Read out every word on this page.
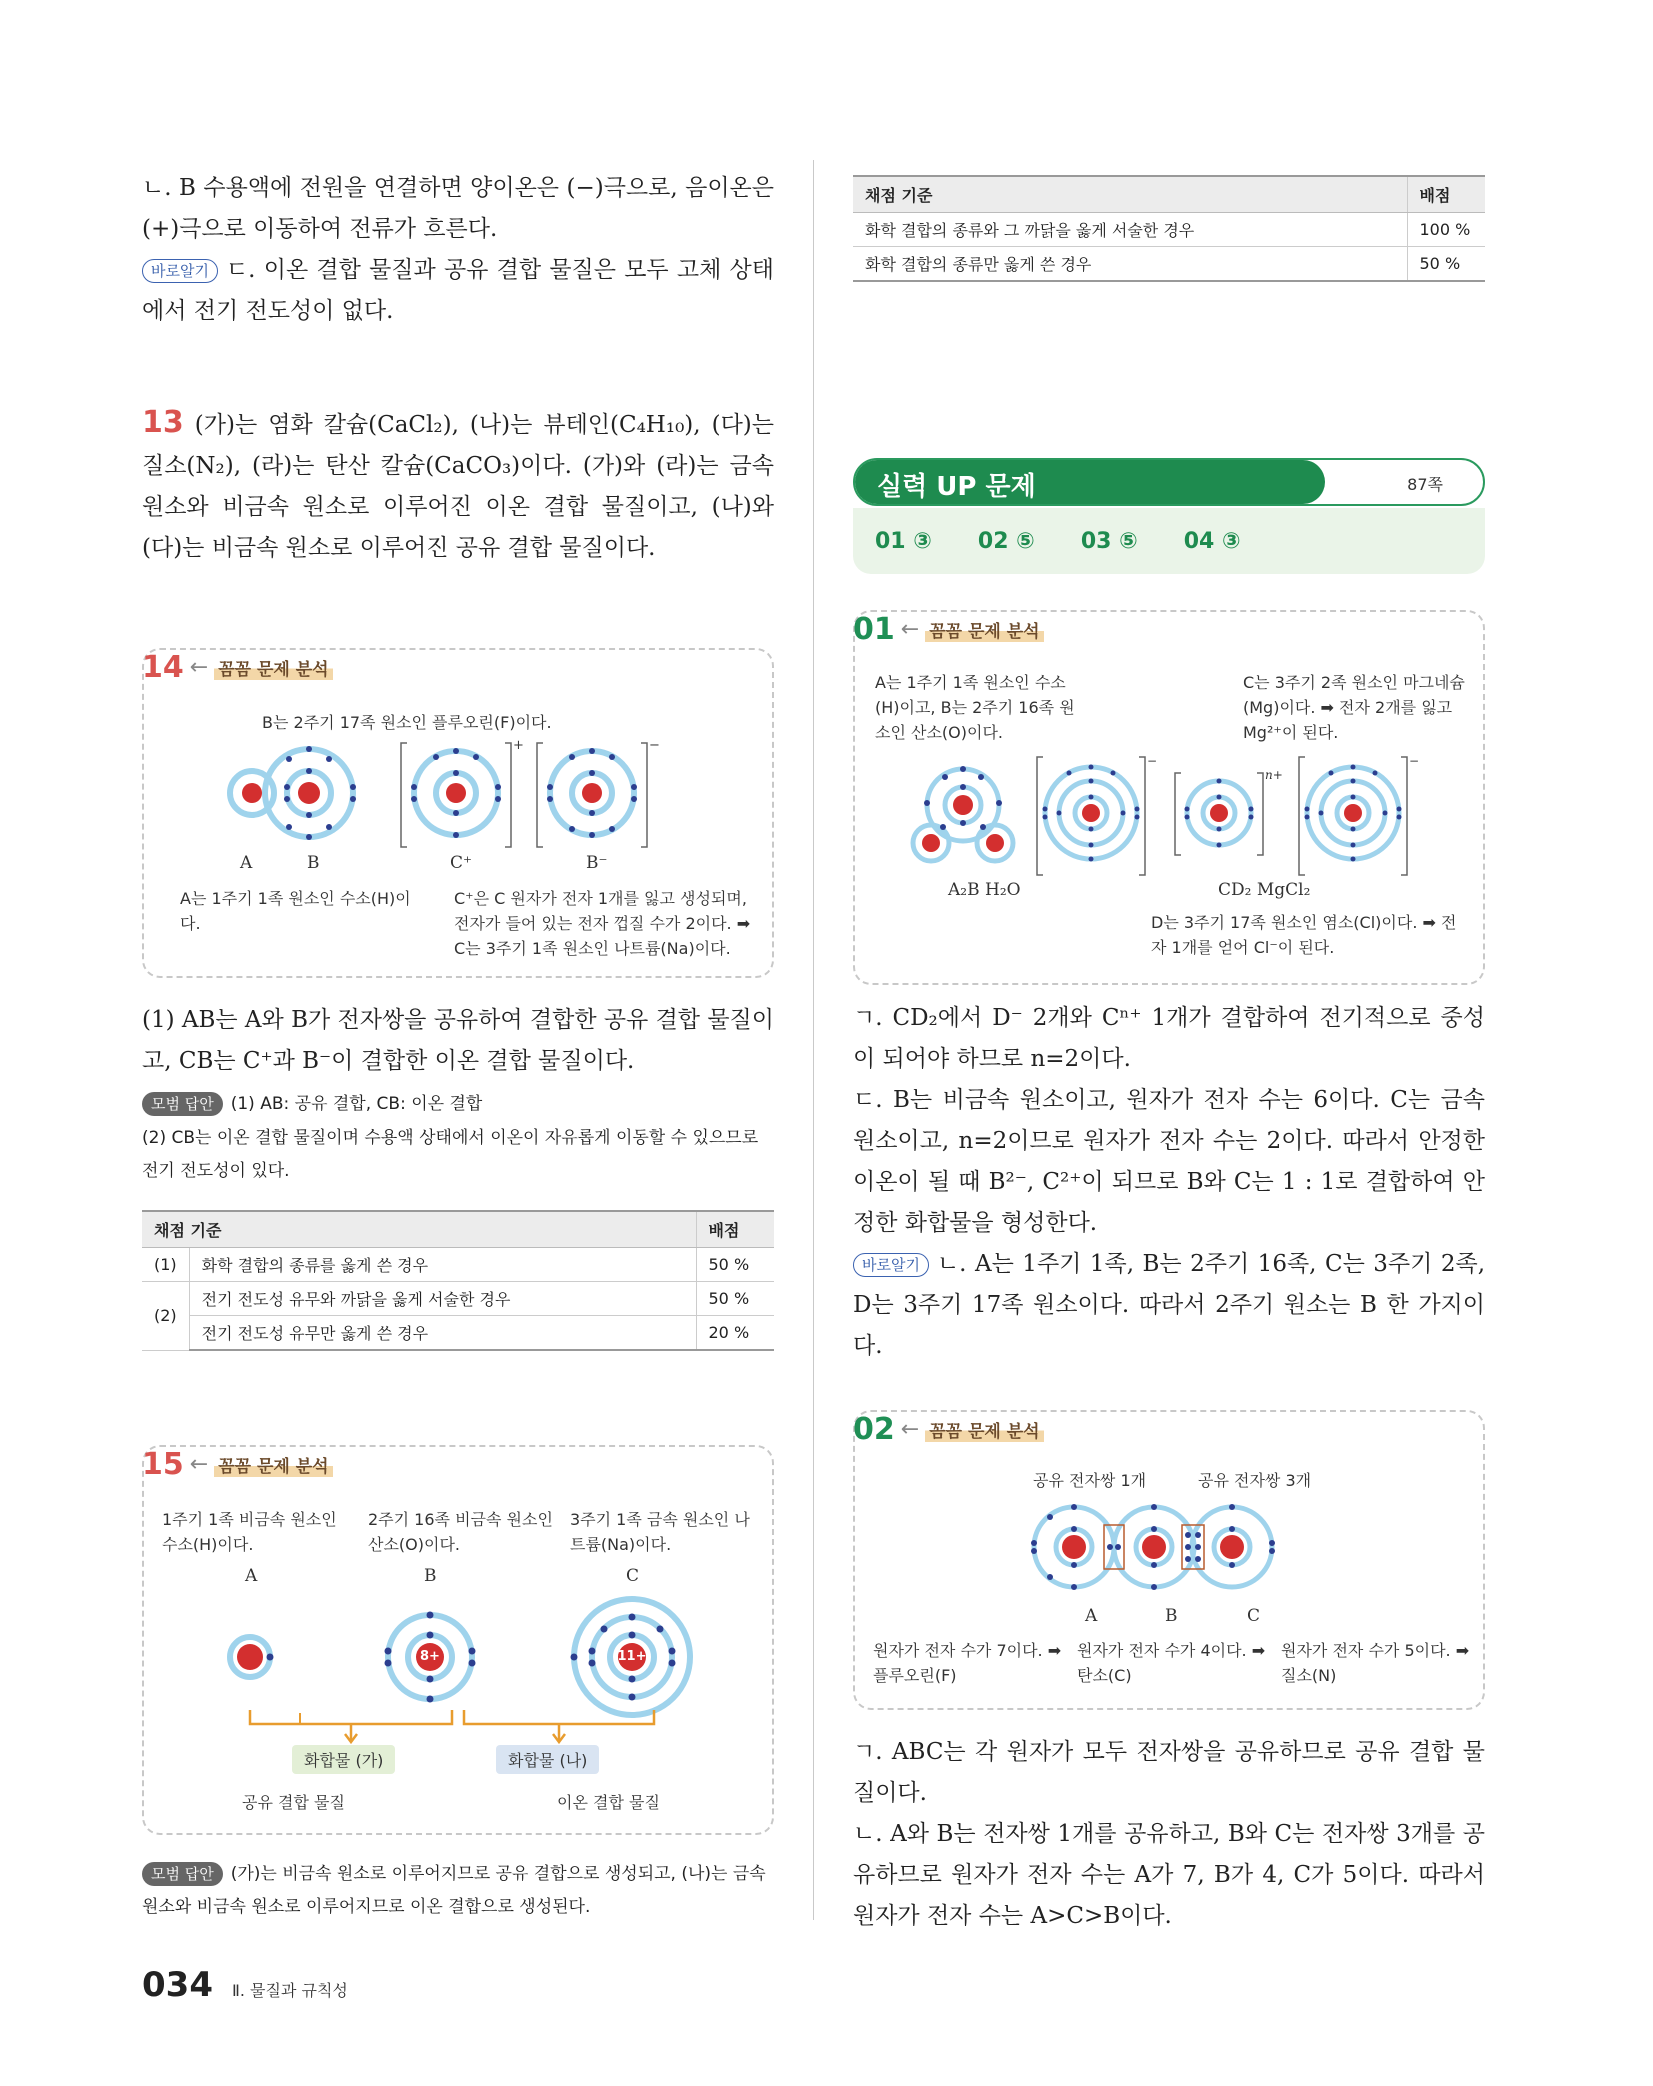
ㄴ. B 수용액에 전원을 연결하면 양이온은 (−)극으로, 음이온은 (+)극으로 이동하여 전류가 흐른다.
바로알기 ㄷ. 이온 결합 물질과 공유 결합 물질은 모두 고체 상태에서 전기 전도성이 없다.
13 (가)는 염화 칼슘(CaCl₂), (나)는 뷰테인(C₄H₁₀), (다)는 질소(N₂), (라)는 탄산 칼슘(CaCO₃)이다. (가)와 (라)는 금속 원소와 비금속 원소로 이루어진 이온 결합 물질이고, (나)와 (다)는 비금속 원소로 이루어진 공유 결합 물질이다.
14 ← 꼼꼼 문제 분석
B는 2주기 17족 원소인 플루오린(F)이다.
+	−
A	B	C⁺	B⁻
A는 1주기 1족 원소인 수소(H)이다.
C⁺은 C 원자가 전자 1개를 잃고 생성되며, 전자가 들어 있는 전자 껍질 수가 2이다. ➡ C는 3주기 1족 원소인 나트륨(Na)이다.
(1) AB는 A와 B가 전자쌍을 공유하여 결합한 공유 결합 물질이고, CB는 C⁺과 B⁻이 결합한 이온 결합 물질이다.
모범 답안 (1) AB: 공유 결합, CB: 이온 결합
(2) CB는 이온 결합 물질이며 수용액 상태에서 이온이 자유롭게 이동할 수 있으므로 전기 전도성이 있다.
채점 기준		배점
(1)	화학 결합의 종류를 옳게 쓴 경우	50 %
(2)	전기 전도성 유무와 까닭을 옳게 서술한 경우	50 %
	전기 전도성 유무만 옳게 쓴 경우	20 %
15 ← 꼼꼼 문제 분석
1주기 1족 비금속 원소인 수소(H)이다.
2주기 16족 비금속 원소인 산소(O)이다.
3주기 1족 금속 원소인 나트륨(Na)이다.
A	B	C
1+
8+	11+
화합물 (가)	화합물 (나)
공유 결합 물질	이온 결합 물질
모범 답안 (가)는 비금속 원소로 이루어지므로 공유 결합으로 생성되고, (나)는 금속 원소와 비금속 원소로 이루어지므로 이온 결합으로 생성된다.
채점 기준	배점
화학 결합의 종류와 그 까닭을 옳게 서술한 경우	100 %
화학 결합의 종류만 옳게 쓴 경우	50 %
실력 UP 문제	87쪽
01 ③ 02 ⑤ 03 ⑤ 04 ③
01 ← 꼼꼼 문제 분석
A는 1주기 1족 원소인 수소(H)이고, B는 2주기 16족 원소인 산소(O)이다.
C는 3주기 2족 원소인 마그네슘(Mg)이다. ➡ 전자 2개를 잃고 Mg²⁺이 된다.
−
n+
−
A₂B H₂O	CD₂ MgCl₂
D는 3주기 17족 원소인 염소(Cl)이다. ➡ 전자 1개를 얻어 Cl⁻이 된다.
ㄱ. CD₂에서 D⁻ 2개와 Cⁿ⁺ 1개가 결합하여 전기적으로 중성이 되어야 하므로 n=2이다.
ㄷ. B는 비금속 원소이고, 원자가 전자 수는 6이다. C는 금속 원소이고, n=2이므로 원자가 전자 수는 2이다. 따라서 안정한 이온이 될 때 B²⁻, C²⁺이 되므로 B와 C는 1 : 1로 결합하여 안정한 화합물을 형성한다.
바로알기 ㄴ. A는 1주기 1족, B는 2주기 16족, C는 3주기 2족, D는 3주기 17족 원소이다. 따라서 2주기 원소는 B 한 가지이다.
02 ← 꼼꼼 문제 분석
공유 전자쌍 1개	공유 전자쌍 3개
A	B	C
원자가 전자 수가 7이다. ➡ 플루오린(F)
원자가 전자 수가 4이다. ➡ 탄소(C)
원자가 전자 수가 5이다. ➡ 질소(N)
ㄱ. ABC는 각 원자가 모두 전자쌍을 공유하므로 공유 결합 물질이다.
ㄴ. A와 B는 전자쌍 1개를 공유하고, B와 C는 전자쌍 3개를 공유하므로 원자가 전자 수는 A가 7, B가 4, C가 5이다. 따라서 원자가 전자 수는 A>C>B이다.
034 Ⅱ. 물질과 규칙성
